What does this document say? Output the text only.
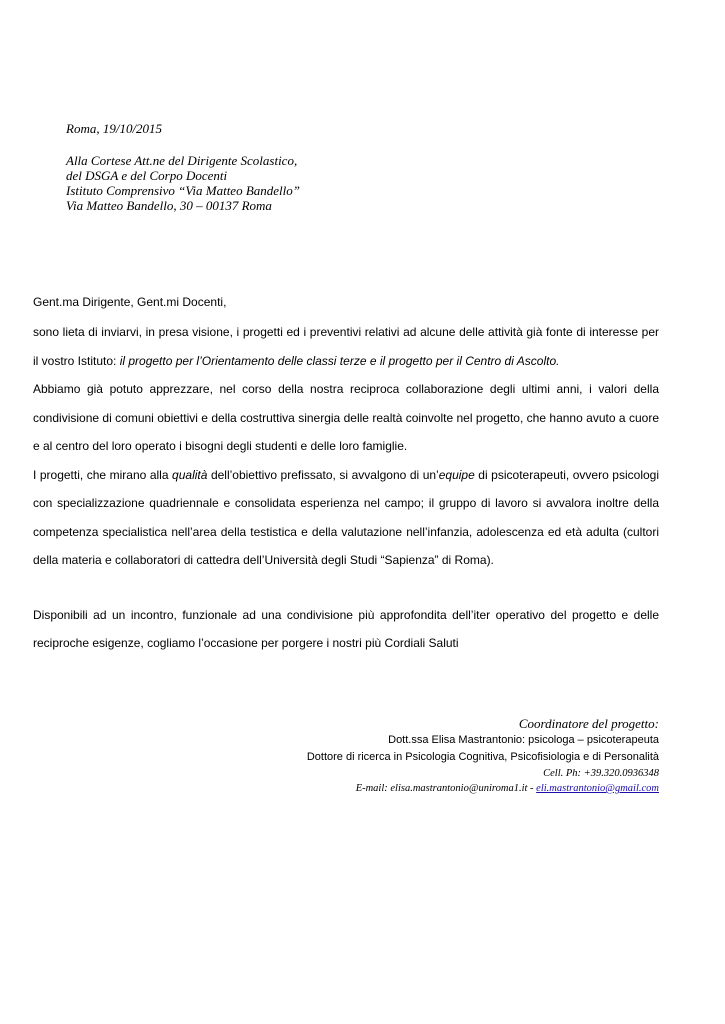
Roma, 19/10/2015
Alla Cortese Att.ne del Dirigente Scolastico,
del DSGA e del Corpo Docenti
Istituto Comprensivo “Via Matteo Bandello”
Via Matteo Bandello, 30 – 00137 Roma
Gent.ma Dirigente, Gent.mi Docenti,

sono lieta di inviarvi, in presa visione, i progetti ed i preventivi relativi ad alcune delle attività già fonte di interesse per il vostro Istituto: il progetto per l’Orientamento delle classi terze e il progetto per il Centro di Ascolto.

Abbiamo già potuto apprezzare, nel corso della nostra reciproca collaborazione degli ultimi anni, i valori della condivisione di comuni obiettivi e della costruttiva sinergia delle realtà coinvolte nel progetto, che hanno avuto a cuore e al centro del loro operato i bisogni degli studenti e delle loro famiglie.

I progetti, che mirano alla qualità dell’obiettivo prefissato, si avvalgono di un’equipe di psicoterapeuti, ovvero psicologi con specializzazione quadriennale e consolidata esperienza nel campo; il gruppo di lavoro si avvalora inoltre della competenza specialistica nell’area della testistica e della valutazione nell’infanzia, adolescenza ed età adulta (cultori della materia e collaboratori di cattedra dell’Università degli Studi “Sapienza” di Roma).

Disponibili ad un incontro, funzionale ad una condivisione più approfondita dell’iter operativo del progetto e delle reciproche esigenze, cogliamo l’occasione per porgere i nostri più Cordiali Saluti

Coordinatore del progetto:
Dott.ssa Elisa Mastrantonio: psicologa – psicoterapeuta
Dottore di ricerca in Psicologia Cognitiva, Psicofisiologia e di Personalità
Cell. Ph: +39.320.0936348
E-mail: elisa.mastrantonio@uniroma1.it - eli.mastrantonio@gmail.com
